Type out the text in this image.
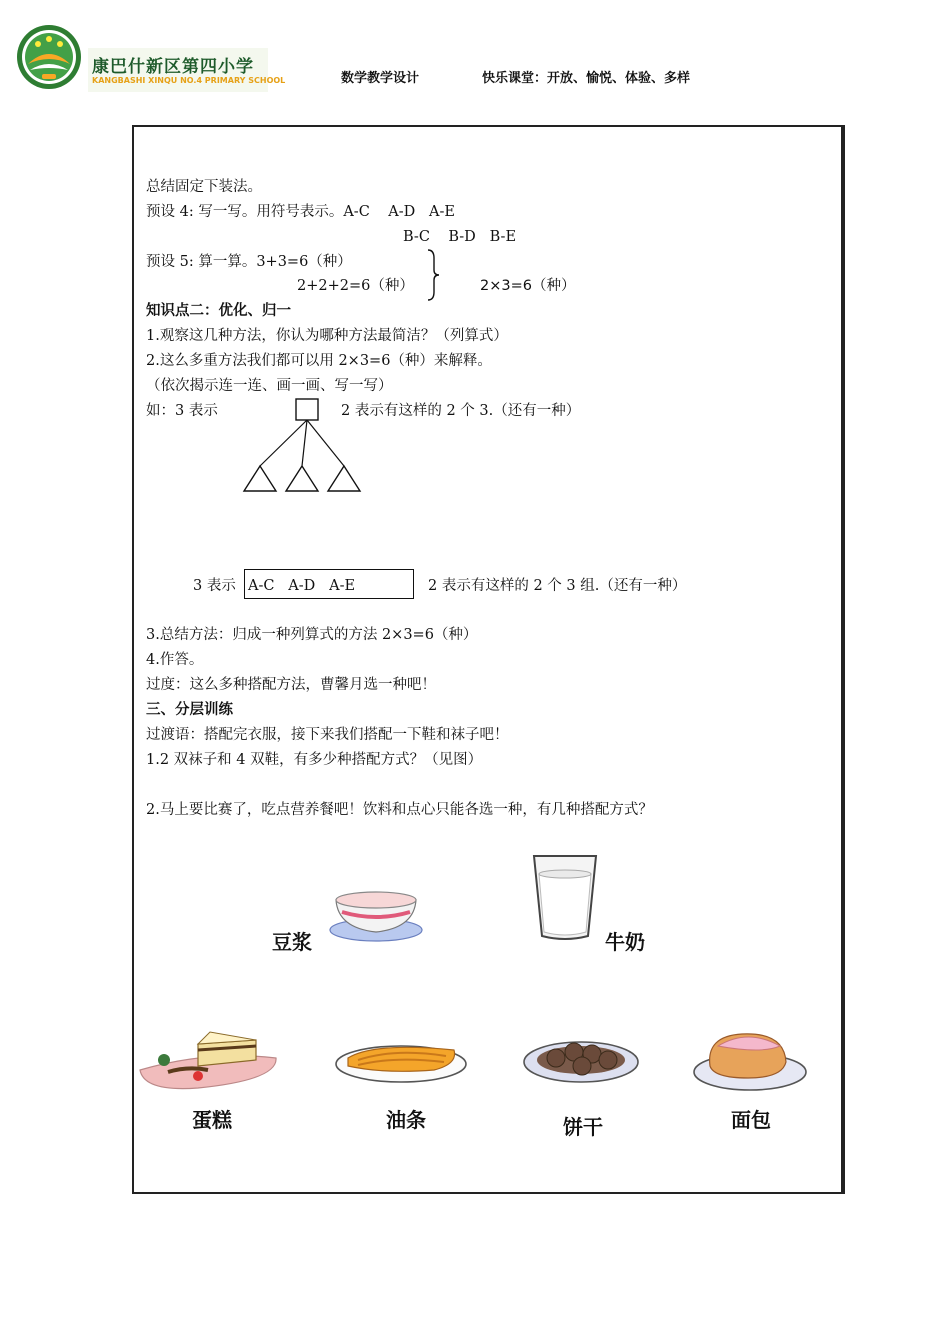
康巴什新区第四小学
KANGBASHI XINQU NO.4 PRIMARY SCHOOL	数学教学设计	快乐课堂：开放、愉悦、体验、多样
总结固定下装法。
预设 4: 写一写。用符号表示。A-C    A-D   A-E
B-C    B-D   B-E
预设 5: 算一算。3+3=6（种）
2+2+2=6（种）	2×3=6（种）
知识点二：优化、归一
1.观察这几种方法，你认为哪种方法最简洁？（列算式）
2.这么多重方法我们都可以用 2×3=6（种）来解释。
（依次揭示连一连、画一画、写一写）
如：3 表示	2 表示有这样的 2 个 3.（还有一种）
3 表示 A-C   A-D   A-E	2 表示有这样的 2 个 3 组.（还有一种）
3.总结方法：归成一种列算式的方法 2×3=6（种）
4.作答。
过度：这么多种搭配方法，曹馨月选一种吧！
三、分层训练
过渡语：搭配完衣服，接下来我们搭配一下鞋和袜子吧！
1.2 双袜子和 4 双鞋，有多少种搭配方式？（见图）
2.马上要比赛了，吃点营养餐吧！饮料和点心只能各选一种，有几种搭配方式？
豆浆	牛奶
蛋糕	油条	饼干	面包
